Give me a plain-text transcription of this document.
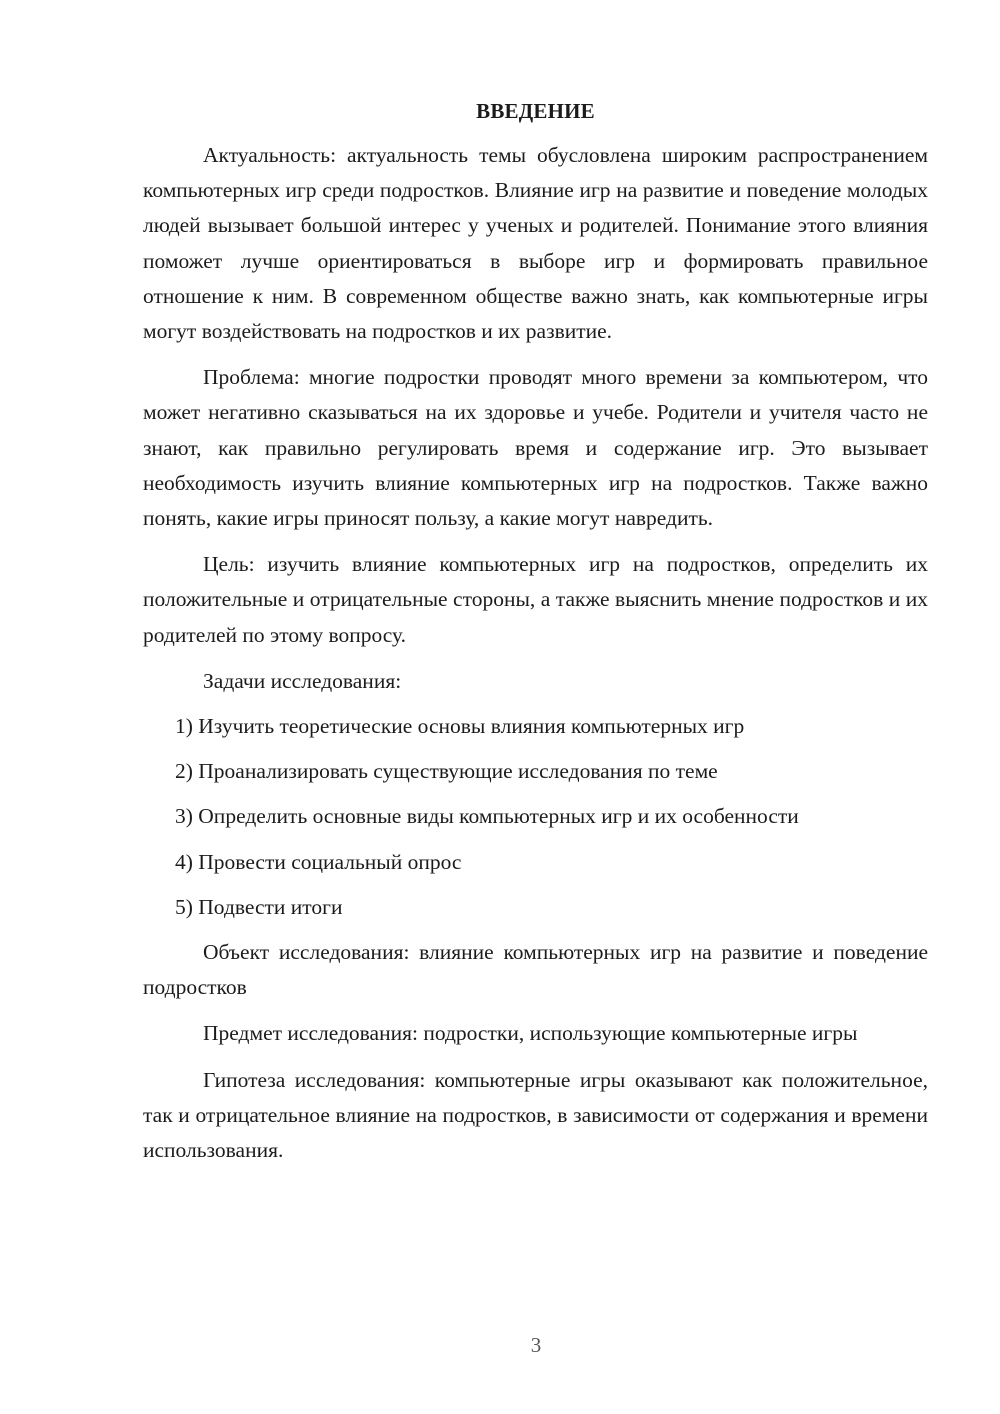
ВВЕДЕНИЕ

Актуальность: актуальность темы обусловлена широким распространением компьютерных игр среди подростков. Влияние игр на развитие и поведение молодых людей вызывает большой интерес у ученых и родителей. Понимание этого влияния поможет лучше ориентироваться в выборе игр и формировать правильное отношение к ним. В современном обществе важно знать, как компьютерные игры могут воздействовать на подростков и их развитие.

Проблема: многие подростки проводят много времени за компьютером, что может негативно сказываться на их здоровье и учебе. Родители и учителя часто не знают, как правильно регулировать время и содержание игр. Это вызывает необходимость изучить влияние компьютерных игр на подростков. Также важно понять, какие игры приносят пользу, а какие могут навредить.

Цель: изучить влияние компьютерных игр на подростков, определить их положительные и отрицательные стороны, а также выяснить мнение подростков и их родителей по этому вопросу.

Задачи исследования:

1) Изучить теоретические основы влияния компьютерных игр
2) Проанализировать существующие исследования по теме
3) Определить основные виды компьютерных игр и их особенности
4) Провести социальный опрос
5) Подвести итоги

Объект исследования: влияние компьютерных игр на развитие и поведение подростков

Предмет исследования: подростки, использующие компьютерные игры

Гипотеза исследования: компьютерные игры оказывают как положительное, так и отрицательное влияние на подростков, в зависимости от содержания и времени использования.

3
